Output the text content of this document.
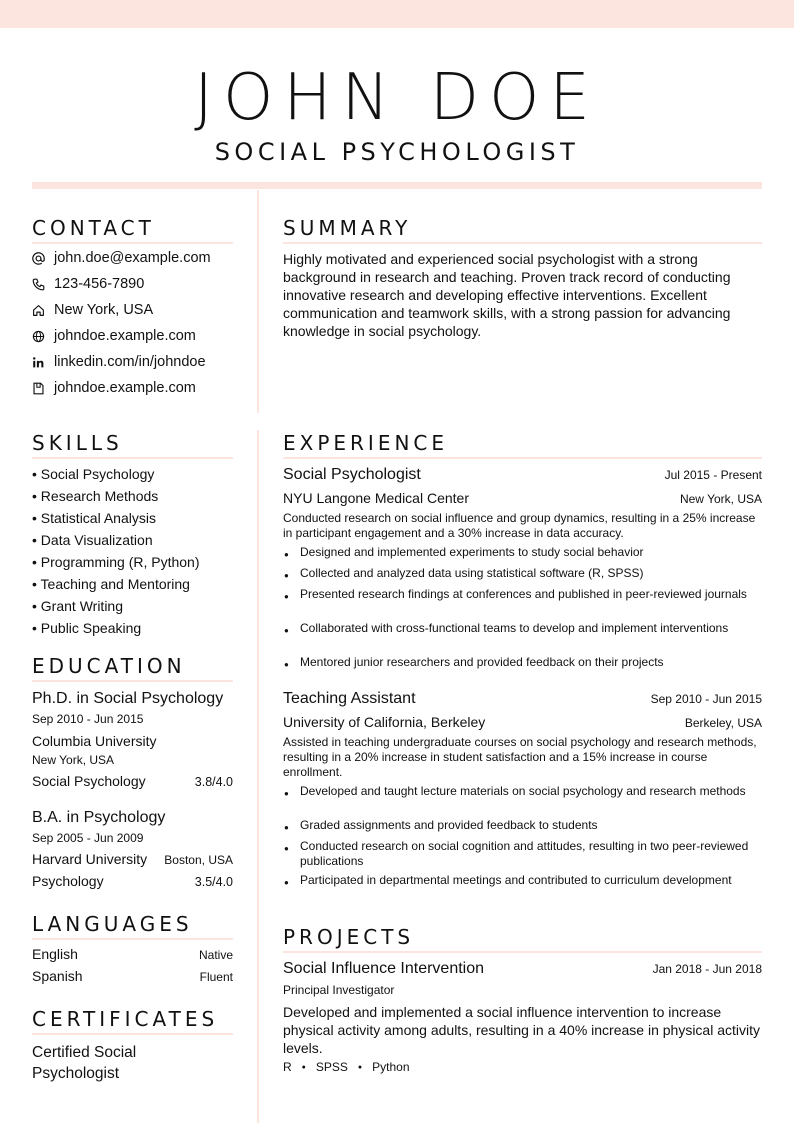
JOHN DOE
SOCIAL PSYCHOLOGIST
CONTACT
john.doe@example.com
123-456-7890
New York, USA
johndoe.example.com
linkedin.com/in/johndoe
johndoe.example.com
SKILLS
• Social Psychology
• Research Methods
• Statistical Analysis
• Data Visualization
• Programming (R, Python)
• Teaching and Mentoring
• Grant Writing
• Public Speaking
EDUCATION
Ph.D. in Social Psychology
Sep 2010 - Jun 2015
Columbia University
New York, USA
Social Psychology	3.8/4.0
B.A. in Psychology
Sep 2005 - Jun 2009
Harvard University Boston, USA
Psychology	3.5/4.0
LANGUAGES
English	Native
Spanish	Fluent
CERTIFICATES
Certified Social Psychologist
SUMMARY
Highly motivated and experienced social psychologist with a strong background in research and teaching. Proven track record of conducting innovative research and developing effective interventions. Excellent communication and teamwork skills, with a strong passion for advancing knowledge in social psychology.
EXPERIENCE
Social Psychologist	Jul 2015 - Present
NYU Langone Medical Center	New York, USA
Conducted research on social influence and group dynamics, resulting in a 25% increase in participant engagement and a 30% increase in data accuracy.
● Designed and implemented experiments to study social behavior
● Collected and analyzed data using statistical software (R, SPSS)
● Presented research findings at conferences and published in peer-reviewed journals
● Collaborated with cross-functional teams to develop and implement interventions
● Mentored junior researchers and provided feedback on their projects
Teaching Assistant	Sep 2010 - Jun 2015
University of California, Berkeley	Berkeley, USA
Assisted in teaching undergraduate courses on social psychology and research methods, resulting in a 20% increase in student satisfaction and a 15% increase in course enrollment.
● Developed and taught lecture materials on social psychology and research methods
● Graded assignments and provided feedback to students
● Conducted research on social cognition and attitudes, resulting in two peer-reviewed publications
● Participated in departmental meetings and contributed to curriculum development
PROJECTS
Social Influence Intervention	Jan 2018 - Jun 2018
Principal Investigator
Developed and implemented a social influence intervention to increase physical activity among adults, resulting in a 40% increase in physical activity levels.
R ● SPSS ● Python
